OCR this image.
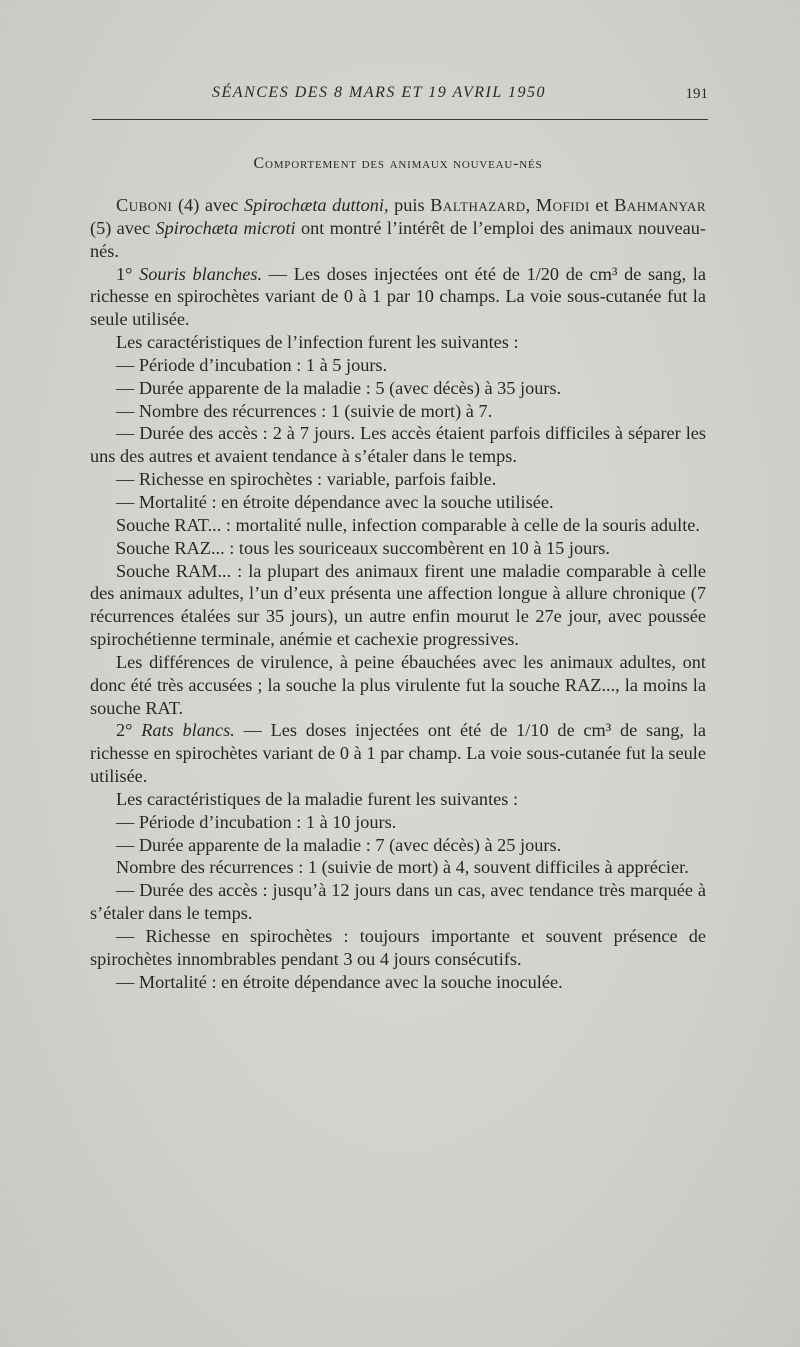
SÉANCES DES 8 MARS ET 19 AVRIL 1950	191
Comportement des animaux nouveau-nés

Cuboni (4) avec Spirochæta duttoni, puis Balthazard, Mofidi et Bahmanyar (5) avec Spirochæta microti ont montré l’intérêt de l’emploi des animaux nouveau-nés.

1° Souris blanches. — Les doses injectées ont été de 1/20 de cm³ de sang, la richesse en spirochètes variant de 0 à 1 par 10 champs. La voie sous-cutanée fut la seule utilisée.

Les caractéristiques de l’infection furent les suivantes :

— Période d’incubation : 1 à 5 jours.

— Durée apparente de la maladie : 5 (avec décès) à 35 jours.

— Nombre des récurrences : 1 (suivie de mort) à 7.

— Durée des accès : 2 à 7 jours. Les accès étaient parfois difficiles à séparer les uns des autres et avaient tendance à s’étaler dans le temps.

— Richesse en spirochètes : variable, parfois faible.

— Mortalité : en étroite dépendance avec la souche utilisée.

Souche RAT... : mortalité nulle, infection comparable à celle de la souris adulte.

Souche RAZ... : tous les souriceaux succombèrent en 10 à 15 jours.

Souche RAM... : la plupart des animaux firent une maladie comparable à celle des animaux adultes, l’un d’eux présenta une affection longue à allure chronique (7 récurrences étalées sur 35 jours), un autre enfin mourut le 27e jour, avec poussée spirochétienne terminale, anémie et cachexie progressives.

Les différences de virulence, à peine ébauchées avec les animaux adultes, ont donc été très accusées ; la souche la plus virulente fut la souche RAZ..., la moins la souche RAT.

2° Rats blancs. — Les doses injectées ont été de 1/10 de cm³ de sang, la richesse en spirochètes variant de 0 à 1 par champ. La voie sous-cutanée fut la seule utilisée.

Les caractéristiques de la maladie furent les suivantes :

— Période d’incubation : 1 à 10 jours.

— Durée apparente de la maladie : 7 (avec décès) à 25 jours.

Nombre des récurrences : 1 (suivie de mort) à 4, souvent difficiles à apprécier.

— Durée des accès : jusqu’à 12 jours dans un cas, avec tendance très marquée à s’étaler dans le temps.

— Richesse en spirochètes : toujours importante et souvent présence de spirochètes innombrables pendant 3 ou 4 jours consécutifs.

— Mortalité : en étroite dépendance avec la souche inoculée.
